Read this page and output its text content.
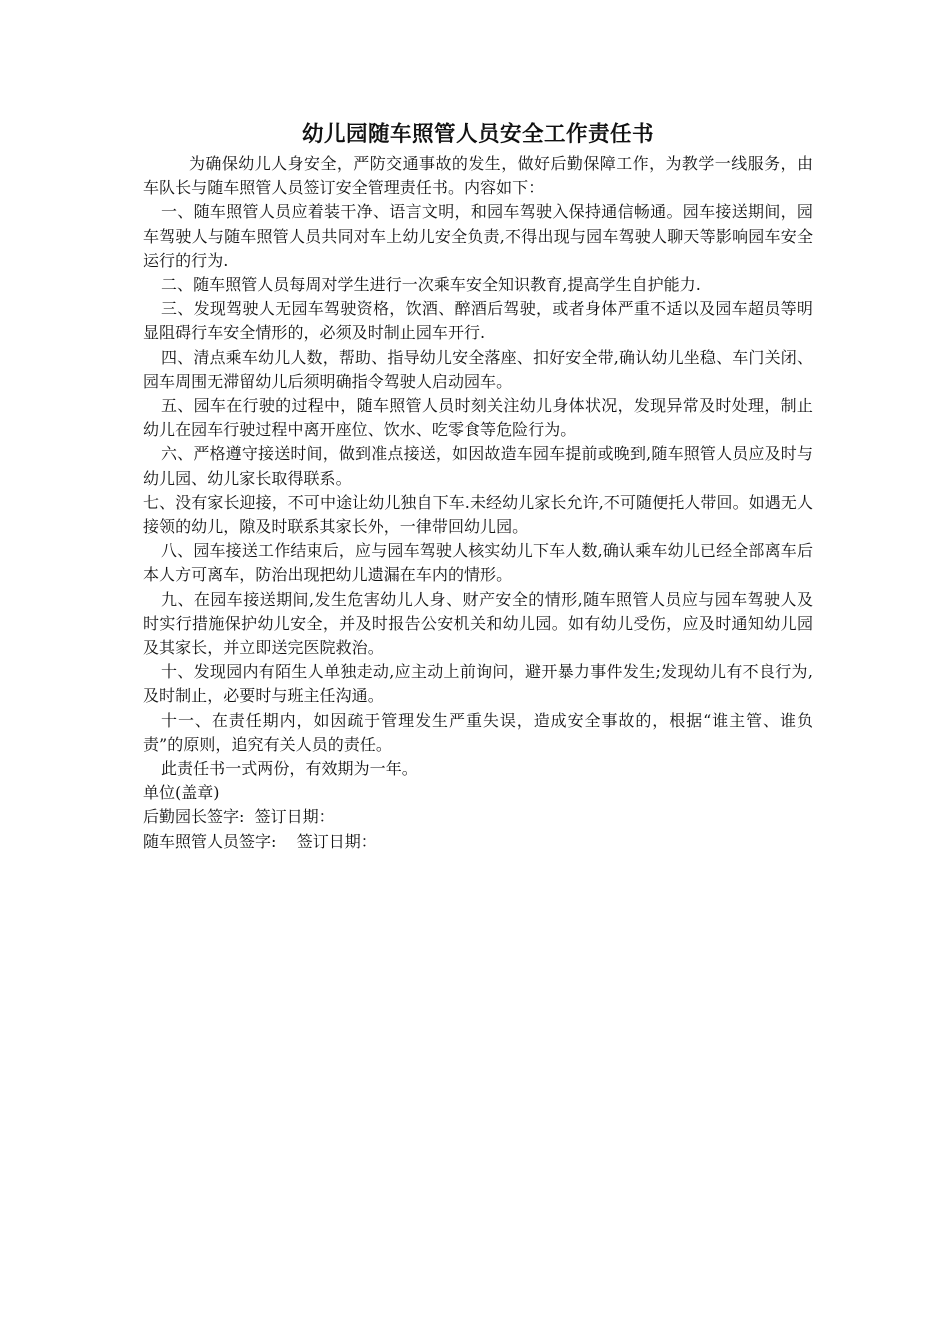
幼儿园随车照管人员安全工作责任书

为确保幼儿人身安全，严防交通事故的发生，做好后勤保障工作，为教学一线服务，由车队长与随车照管人员签订安全管理责任书。内容如下：

一、随车照管人员应着装干净、语言文明，和园车驾驶入保持通信畅通。园车接送期间，园车驾驶人与随车照管人员共同对车上幼儿安全负责,不得出现与园车驾驶人聊天等影响园车安全运行的行为.

二、随车照管人员每周对学生进行一次乘车安全知识教育,提高学生自护能力.

三、发现驾驶人无园车驾驶资格，饮酒、醉酒后驾驶，或者身体严重不适以及园车超员等明显阻碍行车安全情形的，必须及时制止园车开行.

四、清点乘车幼儿人数，帮助、指导幼儿安全落座、扣好安全带,确认幼儿坐稳、车门关闭、园车周围无滞留幼儿后须明确指令驾驶人启动园车。

五、园车在行驶的过程中，随车照管人员时刻关注幼儿身体状况，发现异常及时处理，制止幼儿在园车行驶过程中离开座位、饮水、吃零食等危险行为。

六、严格遵守接送时间，做到准点接送，如因故造车园车提前或晚到,随车照管人员应及时与幼儿园、幼儿家长取得联系。

七、没有家长迎接，不可中途让幼儿独自下车.未经幼儿家长允许,不可随便托人带回。如遇无人接领的幼儿，隙及时联系其家长外，一律带回幼儿园。

八、园车接送工作结束后，应与园车驾驶人核实幼儿下车人数,确认乘车幼儿已经全部离车后本人方可离车，防治出现把幼儿遗漏在车内的情形。

九、在园车接送期间,发生危害幼儿人身、财产安全的情形,随车照管人员应与园车驾驶人及时实行措施保护幼儿安全，并及时报告公安机关和幼儿园。如有幼儿受伤，应及时通知幼儿园及其家长，并立即送完医院救治。

十、发现园内有陌生人单独走动,应主动上前询问，避开暴力事件发生;发现幼儿有不良行为,及时制止，必要时与班主任沟通。

十一、在责任期内，如因疏于管理发生严重失误，造成安全事故的，根据“谁主管、谁负责”的原则，追究有关人员的责任。

此责任书一式两份，有效期为一年。

单位(盖章)

后勤园长签字:  签订日期：

随车照管人员签字:    签订日期：
